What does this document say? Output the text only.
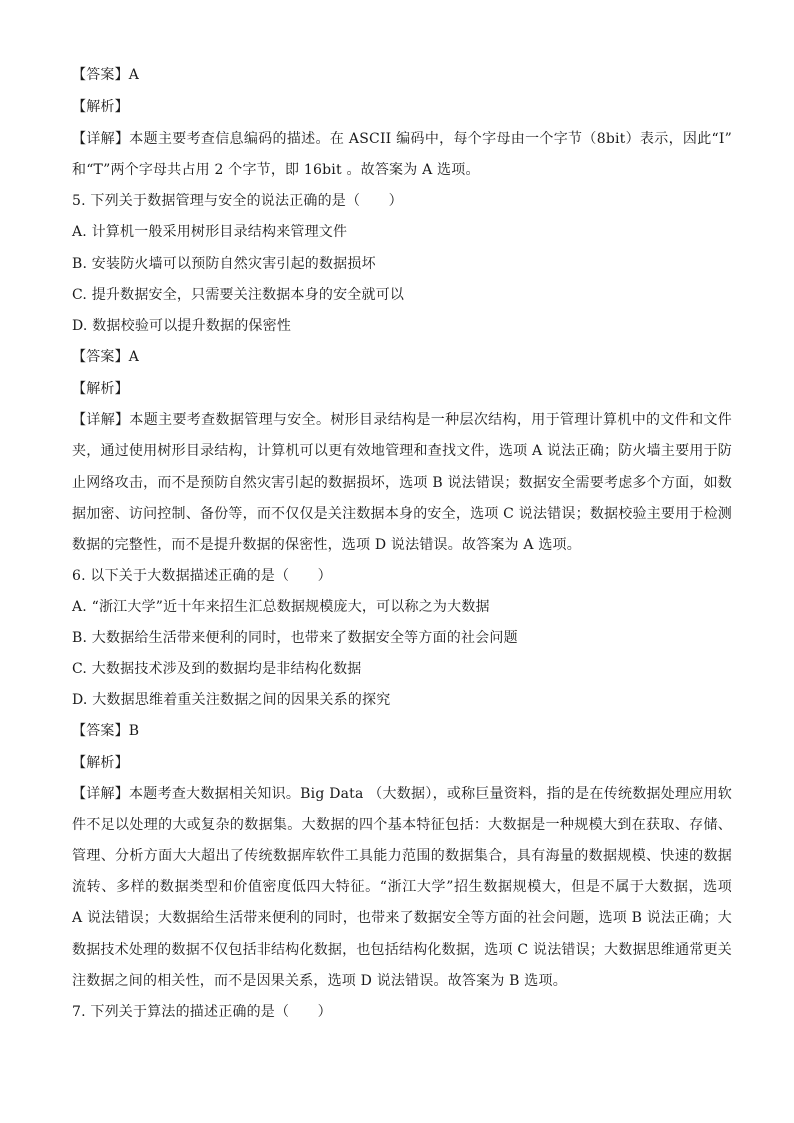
【答案】A
【解析】
【详解】本题主要考查信息编码的描述。在 ASCII 编码中，每个字母由一个字节（8bit）表示，因此“I”
和“T”两个字母共占用 2 个字节，即 16bit 。故答案为 A 选项。
5. 下列关于数据管理与安全的说法正确的是（　　）
A. 计算机一般采用树形目录结构来管理文件
B. 安装防火墙可以预防自然灾害引起的数据损坏
C. 提升数据安全，只需要关注数据本身的安全就可以
D. 数据校验可以提升数据的保密性
【答案】A
【解析】
【详解】本题主要考查数据管理与安全。树形目录结构是一种层次结构，用于管理计算机中的文件和文件
夹，通过使用树形目录结构，计算机可以更有效地管理和查找文件，选项 A 说法正确；防火墙主要用于防
止网络攻击，而不是预防自然灾害引起的数据损坏，选项 B 说法错误；数据安全需要考虑多个方面，如数
据加密、访问控制、备份等，而不仅仅是关注数据本身的安全，选项 C 说法错误；数据校验主要用于检测
数据的完整性，而不是提升数据的保密性，选项 D 说法错误。故答案为 A 选项。
6. 以下关于大数据描述正确的是（　　）
A. “浙江大学”近十年来招生汇总数据规模庞大，可以称之为大数据
B. 大数据给生活带来便利的同时，也带来了数据安全等方面的社会问题
C. 大数据技术涉及到的数据均是非结构化数据
D. 大数据思维着重关注数据之间的因果关系的探究
【答案】B
【解析】
【详解】本题考查大数据相关知识。Big Data （大数据），或称巨量资料，指的是在传统数据处理应用软
件不足以处理的大或复杂的数据集。大数据的四个基本特征包括：大数据是一种规模大到在获取、存储、
管理、分析方面大大超出了传统数据库软件工具能力范围的数据集合，具有海量的数据规模、快速的数据
流转、多样的数据类型和价值密度低四大特征。“浙江大学”招生数据规模大，但是不属于大数据，选项
A 说法错误；大数据给生活带来便利的同时，也带来了数据安全等方面的社会问题，选项 B 说法正确；大
数据技术处理的数据不仅包括非结构化数据，也包括结构化数据，选项 C 说法错误；大数据思维通常更关
注数据之间的相关性，而不是因果关系，选项 D 说法错误。故答案为 B 选项。
7. 下列关于算法的描述正确的是（　　）
